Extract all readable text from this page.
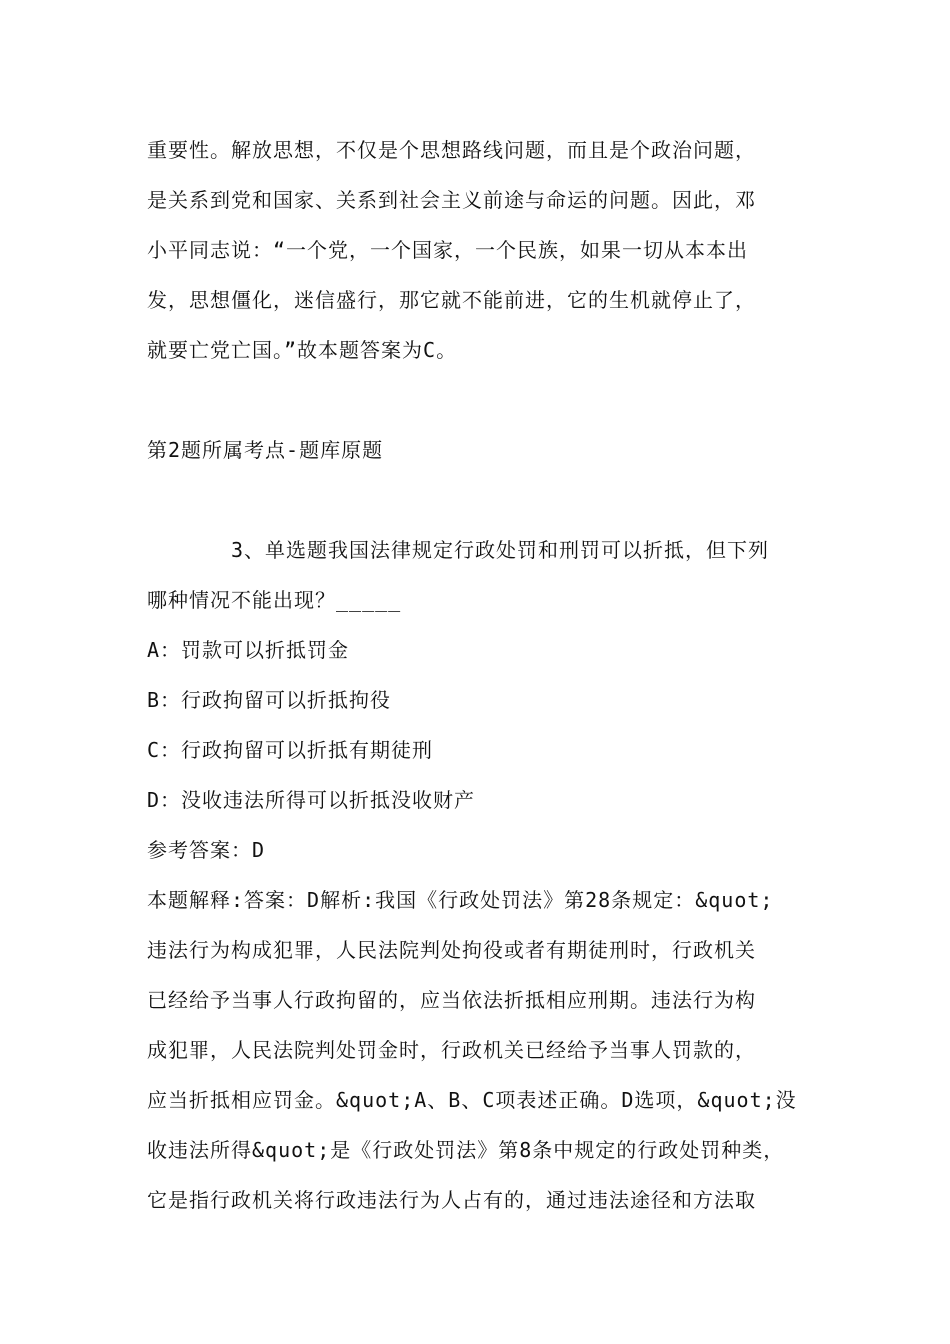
重要性。解放思想，不仅是个思想路线问题，而且是个政治问题，
是关系到党和国家、关系到社会主义前途与命运的问题。因此，邓
小平同志说：“一个党，一个国家，一个民族，如果一切从本本出
发，思想僵化，迷信盛行，那它就不能前进，它的生机就停止了，
就要亡党亡国。”故本题答案为C。
第2题所属考点-题库原题
3、单选题我国法律规定行政处罚和刑罚可以折抵，但下列
哪种情况不能出现？_____
A：罚款可以折抵罚金
B：行政拘留可以折抵拘役
C：行政拘留可以折抵有期徒刑
D：没收违法所得可以折抵没收财产
参考答案：D
本题解释:答案：D解析:我国《行政处罚法》第28条规定：&quot;
违法行为构成犯罪，人民法院判处拘役或者有期徒刑时，行政机关
已经给予当事人行政拘留的，应当依法折抵相应刑期。违法行为构
成犯罪，人民法院判处罚金时，行政机关已经给予当事人罚款的，
应当折抵相应罚金。&quot;A、B、C项表述正确。D选项，&quot;没
收违法所得&quot;是《行政处罚法》第8条中规定的行政处罚种类，
它是指行政机关将行政违法行为人占有的，通过违法途径和方法取
